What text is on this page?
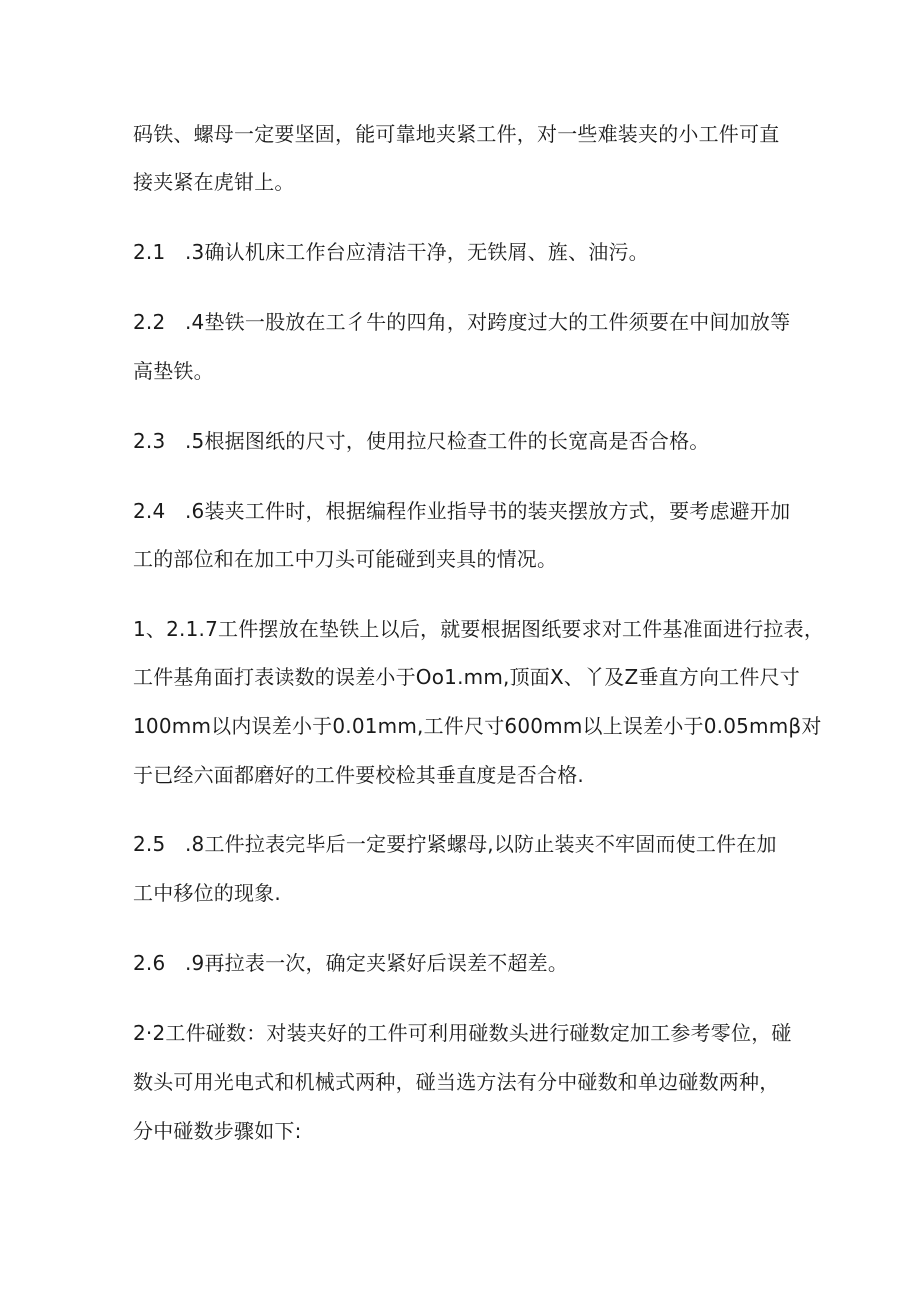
码铁、螺母一定要坚固，能可靠地夹紧工件，对一些难装夹的小工件可直
接夹紧在虎钳上。
2.1 .3确认机床工作台应清洁干净，无铁屑、旌、油污。
2.2 .4垫铁一股放在工彳牛的四角，对跨度过大的工件须要在中间加放等
高垫铁。
2.3 .5根据图纸的尺寸，使用拉尺检查工件的长宽高是否合格。
2.4 .6装夹工件时，根据编程作业指导书的装夹摆放方式，要考虑避开加
工的部位和在加工中刀头可能碰到夹具的情况。
1、2.1.7工件摆放在垫铁上以后，就要根据图纸要求对工件基准面进行拉表，
工件基角面打表读数的误差小于Oo1.mm,顶面X、丫及Z垂直方向工件尺寸
100mm以内误差小于0.01mm,工件尺寸600mm以上误差小于0.05mmβ对
于已经六面都磨好的工件要校检其垂直度是否合格.
2.5 .8工件拉表完毕后一定要拧紧螺母,以防止装夹不牢固而使工件在加
工中移位的现象.
2.6 .9再拉表一次，确定夹紧好后误差不超差。
2·2工件碰数：对装夹好的工件可利用碰数头进行碰数定加工参考零位，碰
数头可用光电式和机械式两种，碰当选方法有分中碰数和单边碰数两种，
分中碰数步骤如下:
